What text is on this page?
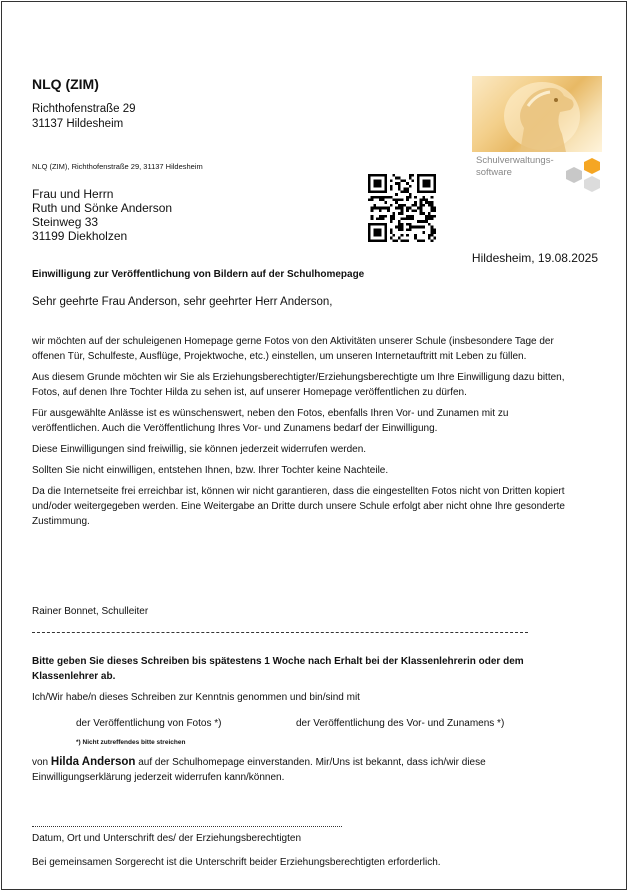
NLQ (ZIM)
Richthofenstraße 29
31137 Hildesheim
Schulverwaltungs-
software
NLQ (ZIM), Richthofenstraße 29, 31137 Hildesheim
Frau und Herrn
Ruth und Sönke Anderson
Steinweg 33
31199 Diekholzen
Hildesheim, 19.08.2025
Einwilligung zur Veröffentlichung von Bildern auf der Schulhomepage
Sehr geehrte Frau Anderson, sehr geehrter Herr Anderson,

wir möchten auf der schuleigenen Homepage gerne Fotos von den Aktivitäten unserer Schule (insbesondere Tage der offenen Tür, Schulfeste, Ausflüge, Projektwoche, etc.) einstellen, um unseren Internetauftritt mit Leben zu füllen.

Aus diesem Grunde möchten wir Sie als Erziehungsberechtigter/Erziehungsberechtigte um Ihre Einwilligung dazu bitten, Fotos, auf denen Ihre Tochter Hilda zu sehen ist, auf unserer Homepage veröffentlichen zu dürfen.

Für ausgewählte Anlässe ist es wünschenswert, neben den Fotos, ebenfalls Ihren Vor- und Zunamen mit zu veröffentlichen. Auch die Veröffentlichung Ihres Vor- und Zunamens bedarf der Einwilligung.

Diese Einwilligungen sind freiwillig, sie können jederzeit widerrufen werden.

Sollten Sie nicht einwilligen, entstehen Ihnen, bzw. Ihrer Tochter keine Nachteile.

Da die Internetseite frei erreichbar ist, können wir nicht garantieren, dass die eingestellten Fotos nicht von Dritten kopiert und/oder weitergegeben werden. Eine Weitergabe an Dritte durch unsere Schule erfolgt aber nicht ohne Ihre gesonderte Zustimmung.

Rainer Bonnet, Schulleiter
Bitte geben Sie dieses Schreiben bis spätestens 1 Woche nach Erhalt bei der Klassenlehrerin oder dem Klassenlehrer ab.
Ich/Wir habe/n dieses Schreiben zur Kenntnis genommen und bin/sind mit
der Veröffentlichung von Fotos *)	der Veröffentlichung des Vor- und Zunamens *)
*) Nicht zutreffendes bitte streichen
von Hilda Anderson auf der Schulhomepage einverstanden. Mir/Uns ist bekannt, dass ich/wir diese Einwilligungserklärung jederzeit widerrufen kann/können.
Datum, Ort und Unterschrift des/ der Erziehungsberechtigten
Bei gemeinsamen Sorgerecht ist die Unterschrift beider Erziehungsberechtigten erforderlich.
